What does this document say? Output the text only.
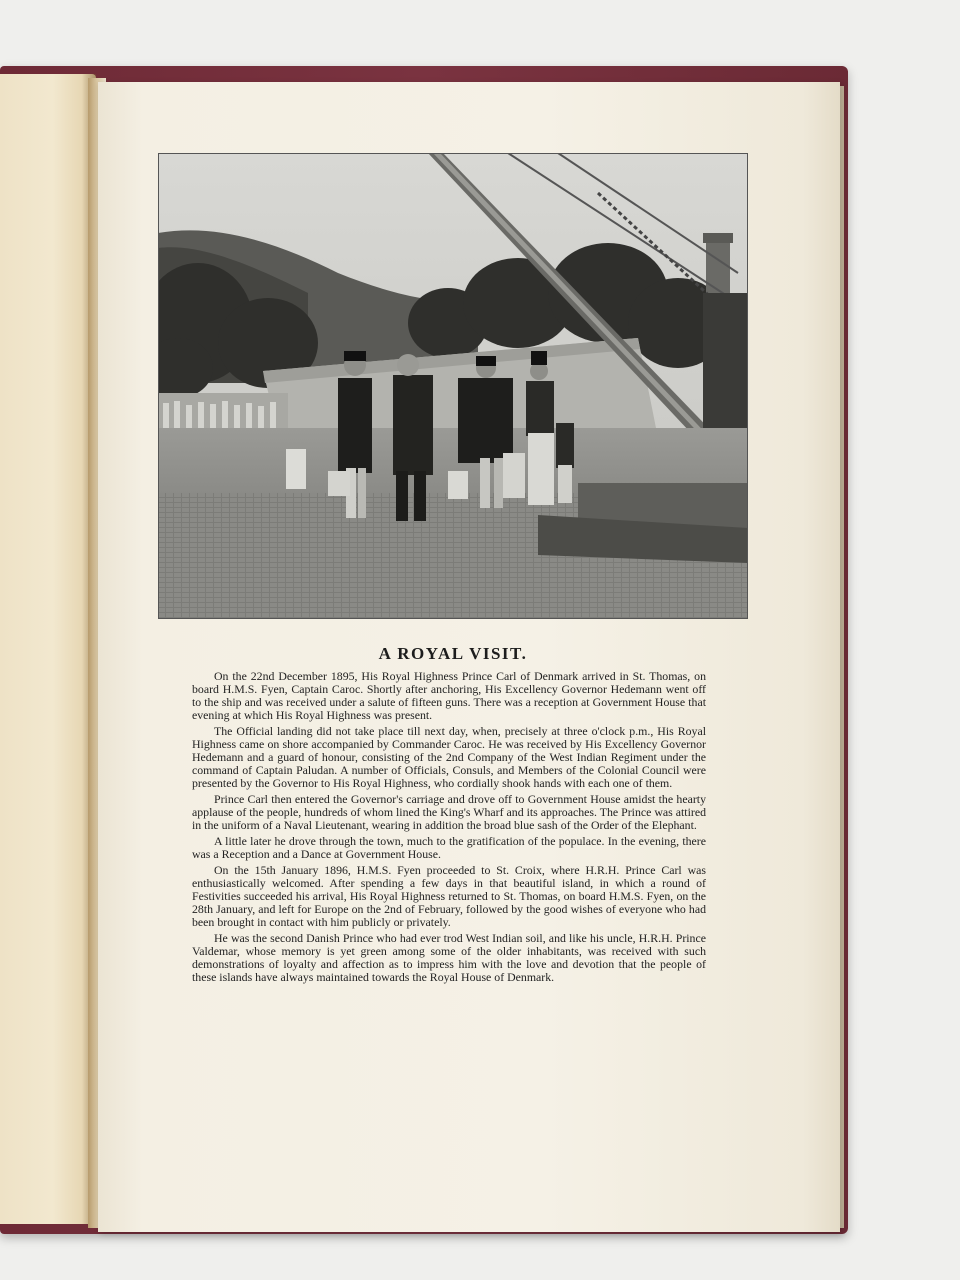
A ROYAL VISIT.

On the 22nd December 1895, His Royal Highness Prince Carl of Denmark arrived in St. Thomas, on board H.M.S. Fyen, Captain Caroc. Shortly after anchoring, His Excellency Governor Hedemann went off to the ship and was received under a salute of fifteen guns. There was a reception at Government House that evening at which His Royal Highness was present.

The Official landing did not take place till next day, when, precisely at three o'clock p.m., His Royal Highness came on shore accompanied by Commander Caroc. He was received by His Excellency Governor Hedemann and a guard of honour, consisting of the 2nd Company of the West Indian Regiment under the command of Captain Paludan. A number of Officials, Consuls, and Members of the Colonial Council were presented by the Governor to His Royal Highness, who cordially shook hands with each one of them.

Prince Carl then entered the Governor's carriage and drove off to Government House amidst the hearty applause of the people, hundreds of whom lined the King's Wharf and its approaches. The Prince was attired in the uniform of a Naval Lieutenant, wearing in addition the broad blue sash of the Order of the Elephant.

A little later he drove through the town, much to the gratification of the populace. In the evening, there was a Reception and a Dance at Government House.

On the 15th January 1896, H.M.S. Fyen proceeded to St. Croix, where H.R.H. Prince Carl was enthusiastically welcomed. After spending a few days in that beautiful island, in which a round of Festivities succeeded his arrival, His Royal Highness returned to St. Thomas, on board H.M.S. Fyen, on the 28th January, and left for Europe on the 2nd of February, followed by the good wishes of everyone who had been brought in contact with him publicly or privately.

He was the second Danish Prince who had ever trod West Indian soil, and like his uncle, H.R.H. Prince Valdemar, whose memory is yet green among some of the older inhabitants, was received with such demonstrations of loyalty and affection as to impress him with the love and devotion that the people of these islands have always maintained towards the Royal House of Denmark.
